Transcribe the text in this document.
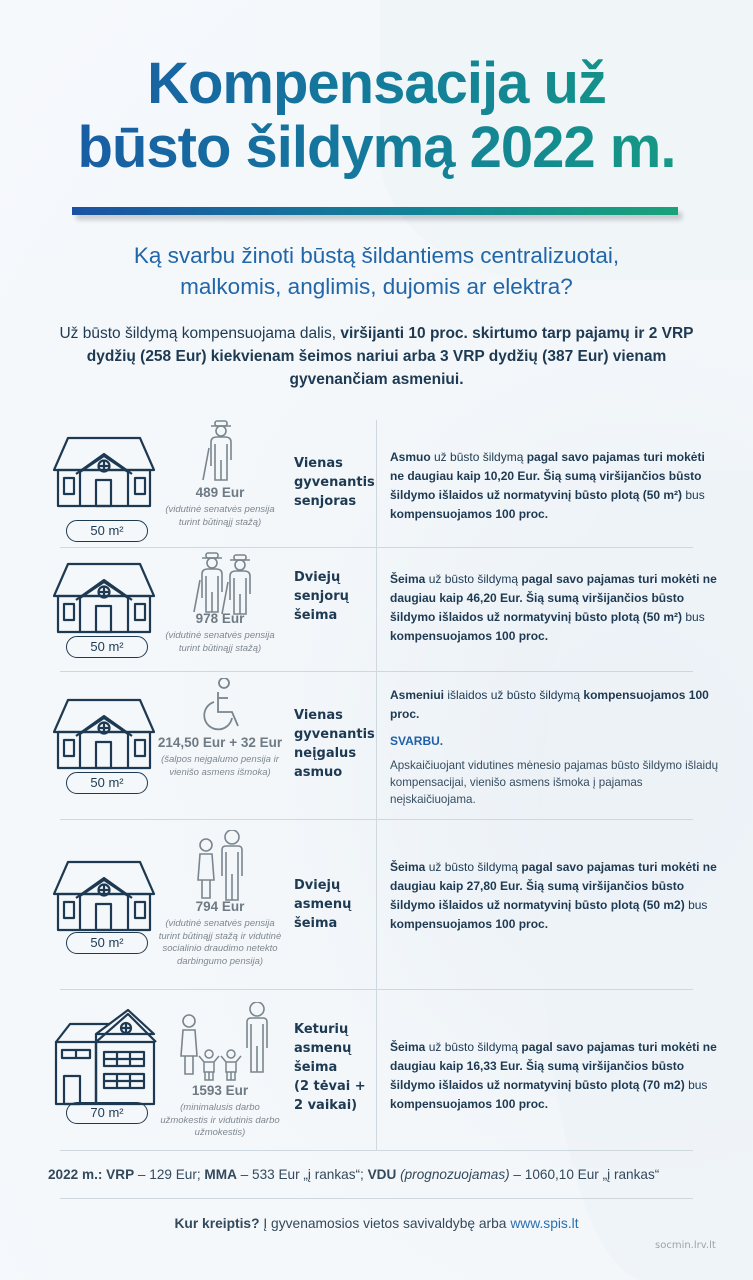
Kompensacija už
būsto šildymą 2022 m.
Ką svarbu žinoti būstą šildantiems centralizuotai,
malkomis, anglimis, dujomis ar elektra?
Už būsto šildymą kompensuojama dalis, viršijanti 10 proc. skirtumo tarp pajamų ir 2 VRP dydžių (258 Eur) kiekvienam šeimos nariui arba 3 VRP dydžių (387 Eur) vienam gyvenančiam asmeniui.
50 m²
489 Eur
(vidutinė senatvės pensija turint būtinąjį stažą)
Vienas
gyvenantis
senjoras
Asmuo už būsto šildymą pagal savo pajamas turi mokėti ne daugiau kaip 10,20 Eur. Šią sumą viršijančios būsto šildymo išlaidos už normatyvinį būsto plotą (50 m²) bus kompensuojamos 100 proc.
50 m²
978 Eur
(vidutinė senatvės pensija turint būtinąjį stažą)
Dviejų
senjorų
šeima
Šeima už būsto šildymą pagal savo pajamas turi mokėti ne daugiau kaip 46,20 Eur. Šią sumą viršijančios būsto šildymo išlaidos už normatyvinį būsto plotą (50 m²) bus kompensuojamos 100 proc.
50 m²
214,50 Eur + 32 Eur
(šalpos neįgalumo pensija ir vienišo asmens išmoka)
Vienas
gyvenantis
neįgalus
asmuo
Asmeniui išlaidos už būsto šildymą kompensuojamos 100 proc.
SVARBU.
Apskaičiuojant vidutines mėnesio pajamas būsto šildymo išlaidų kompensacijai, vienišo asmens išmoka į pajamas neįskaičiuojama.
50 m²
794 Eur
(vidutinė senatvės pensija turint būtinąjį stažą ir vidutinė socialinio draudimo netekto darbingumo pensija)
Dviejų
asmenų
šeima
Šeima už būsto šildymą pagal savo pajamas turi mokėti ne daugiau kaip 27,80 Eur. Šią sumą viršijančios būsto šildymo išlaidos už normatyvinį būsto plotą (50 m2) bus kompensuojamos 100 proc.
70 m²
1593 Eur
(minimalusis darbo užmokestis ir vidutinis darbo užmokestis)
Keturių
asmenų
šeima
(2 tėvai +
2 vaikai)
Šeima už būsto šildymą pagal savo pajamas turi mokėti ne daugiau kaip 16,33 Eur. Šią sumą viršijančios būsto šildymo išlaidos už normatyvinį būsto plotą (70 m2) bus kompensuojamos 100 proc.
2022 m.: VRP – 129 Eur; MMA – 533 Eur „į rankas“; VDU (prognozuojamas) – 1060,10 Eur „į rankas“
Kur kreiptis? Į gyvenamosios vietos savivaldybę arba www.spis.lt
socmin.lrv.lt
